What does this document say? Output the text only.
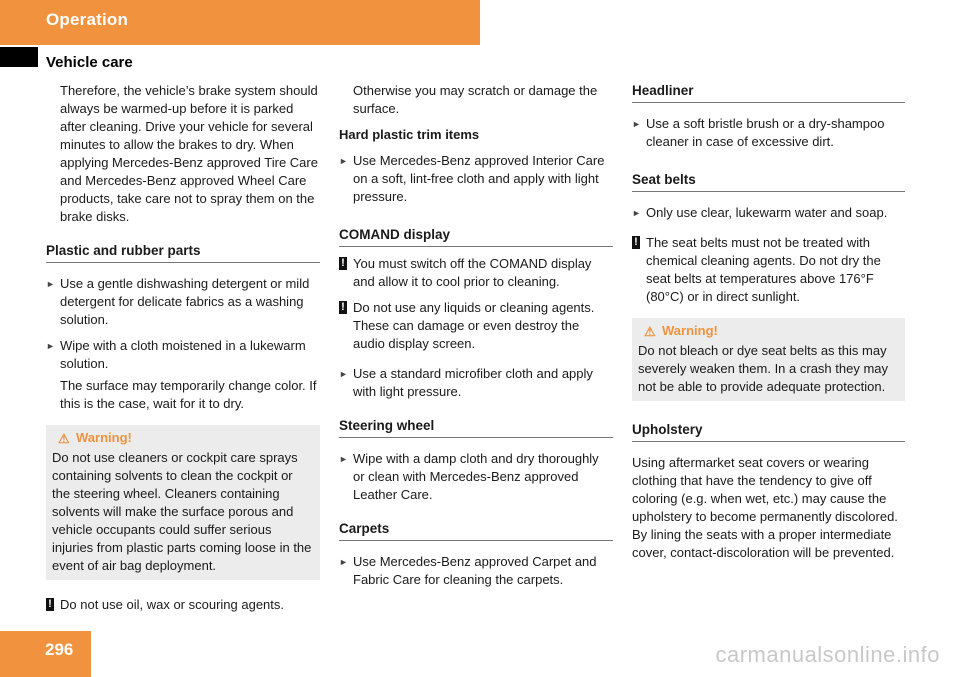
Operation
Vehicle care

Therefore, the vehicle’s brake system should always be warmed-up before it is parked after cleaning. Drive your vehicle for several minutes to allow the brakes to dry. When applying Mercedes-Benz approved Tire Care and Mercedes-Benz approved Wheel Care products, take care not to spray them on the brake disks.

Plastic and rubber parts

► Use a gentle dishwashing detergent or mild detergent for delicate fabrics as a washing solution.

► Wipe with a cloth moistened in a lukewarm solution.

The surface may temporarily change color. If this is the case, wait for it to dry.

⚠ Warning!

Do not use cleaners or cockpit care sprays containing solvents to clean the cockpit or the steering wheel. Cleaners containing solvents will make the surface porous and vehicle occupants could suffer serious injuries from plastic parts coming loose in the event of air bag deployment.

! Do not use oil, wax or scouring agents.

Otherwise you may scratch or damage the surface.

Hard plastic trim items

► Use Mercedes-Benz approved Interior Care on a soft, lint-free cloth and apply with light pressure.

COMAND display

! You must switch off the COMAND display and allow it to cool prior to cleaning.

! Do not use any liquids or cleaning agents. These can damage or even destroy the audio display screen.

► Use a standard microfiber cloth and apply with light pressure.

Steering wheel

► Wipe with a damp cloth and dry thoroughly or clean with Mercedes-Benz approved Leather Care.

Carpets

► Use Mercedes-Benz approved Carpet and Fabric Care for cleaning the carpets.

Headliner

► Use a soft bristle brush or a dry-shampoo cleaner in case of excessive dirt.

Seat belts

► Only use clear, lukewarm water and soap.

! The seat belts must not be treated with chemical cleaning agents. Do not dry the seat belts at temperatures above 176°F (80°C) or in direct sunlight.

⚠ Warning!

Do not bleach or dye seat belts as this may severely weaken them. In a crash they may not be able to provide adequate protection.

Upholstery

Using aftermarket seat covers or wearing clothing that have the tendency to give off coloring (e.g. when wet, etc.) may cause the upholstery to become permanently discolored. By lining the seats with a proper intermediate cover, contact-discoloration will be prevented.

296	carmanualsonline.info
